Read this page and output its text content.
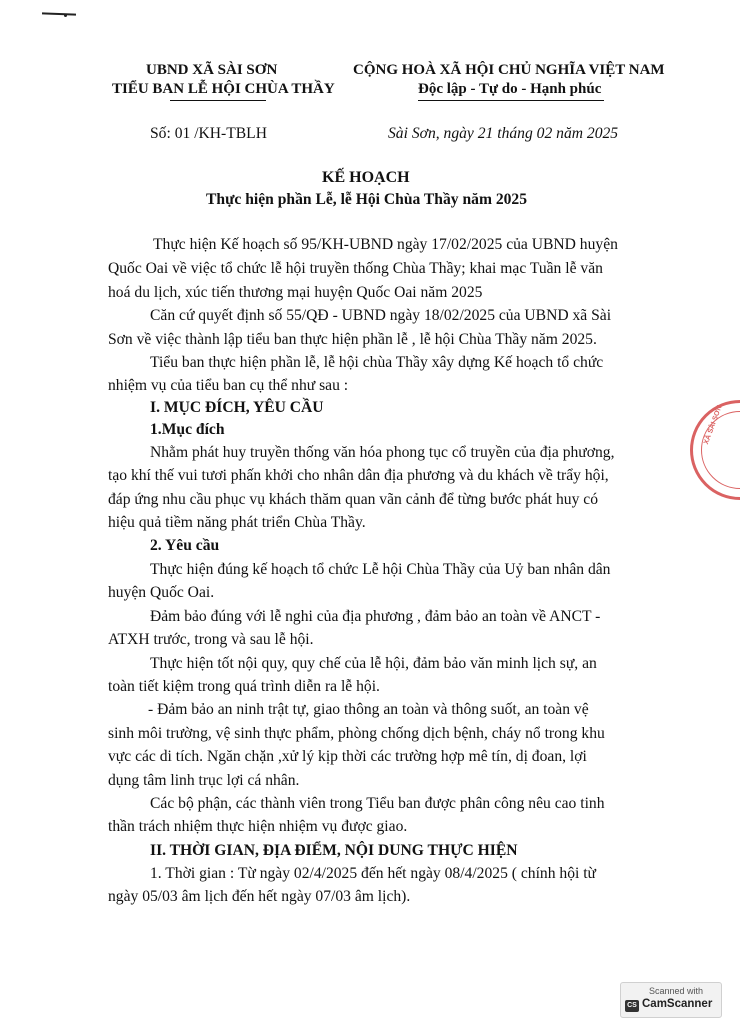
UBND XÃ SÀI SƠN
TIỂU BAN LỄ HỘI CHÙA THẦY
CỘNG HOÀ XÃ HỘI CHỦ NGHĨA VIỆT NAM
Độc lập - Tự do - Hạnh phúc
Số: 01 /KH-TBLH	Sài Sơn, ngày 21 tháng 02 năm 2025
KẾ HOẠCH
Thực hiện phần Lễ, lễ Hội Chùa Thầy năm 2025
Thực hiện Kế hoạch số 95/KH-UBND ngày 17/02/2025 của UBND huyện
Quốc Oai về việc tổ chức lễ hội truyền thống Chùa Thầy; khai mạc Tuần lễ văn
hoá du lịch, xúc tiến thương mại huyện Quốc Oai năm 2025
Căn cứ quyết định số 55/QĐ - UBND ngày 18/02/2025 của UBND xã Sài
Sơn về việc thành lập tiểu ban thực hiện phần lễ , lễ hội Chùa Thầy năm 2025.
Tiểu ban thực hiện phần lễ, lễ hội chùa Thầy xây dựng Kế hoạch tổ chức
nhiệm vụ của tiểu ban cụ thể như sau :
I. MỤC ĐÍCH, YÊU CẦU
1.Mục đích
Nhằm phát huy truyền thống văn hóa phong tục cổ truyền của địa phương,
tạo khí thế vui tươi phấn khởi cho nhân dân địa phương và du khách về trẩy hội,
đáp ứng nhu cầu phục vụ khách thăm quan vãn cảnh để từng bước phát huy có
hiệu quả tiềm năng phát triển Chùa Thầy.
2. Yêu cầu
Thực hiện đúng kế hoạch tổ chức Lễ hội Chùa Thầy của Uỷ ban nhân dân
huyện Quốc Oai.
Đảm bảo đúng với lễ nghi của địa phương , đảm bảo an toàn về ANCT -
ATXH trước, trong và sau lễ hội.
Thực hiện tốt nội quy, quy chế của lễ hội, đảm bảo văn minh lịch sự, an
toàn tiết kiệm trong quá trình diễn ra lễ hội.
- Đảm bảo an ninh trật tự, giao thông an toàn và thông suốt, an toàn vệ
sinh môi trường, vệ sinh thực phẩm, phòng chống dịch bệnh, cháy nổ trong khu
vực các di tích. Ngăn chặn ,xử lý kịp thời các trường hợp mê tín, dị đoan, lợi
dụng tâm linh trục lợi cá nhân.
Các bộ phận, các thành viên trong Tiểu ban được phân công nêu cao tinh
thần trách nhiệm thực hiện nhiệm vụ được giao.
II. THỜI GIAN, ĐỊA ĐIỂM, NỘI DUNG THỰC HIỆN
1. Thời gian : Từ ngày 02/4/2025 đến hết ngày 08/4/2025 ( chính hội từ
ngày 05/03 âm lịch đến hết ngày 07/03 âm lịch).
XÃ SÀI SƠN
Scanned with
CS CamScanner
